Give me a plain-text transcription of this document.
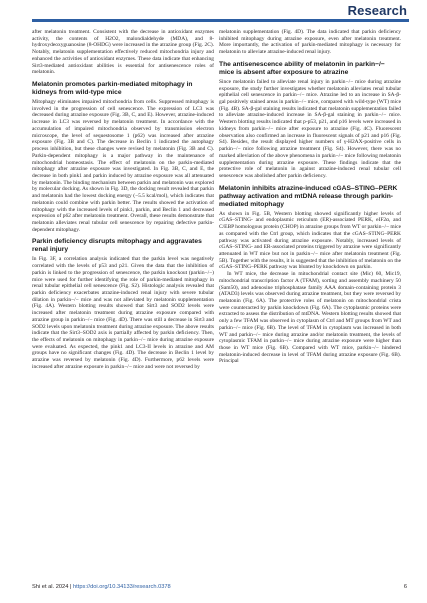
Research

after melatonin treatment. Consistent with the decrease in antioxidant enzymes activity, the contents of H2O2, malondialdehyde (MDA), and 8-hydroxydeoxyguanosine (8-OHDG) were increased in the atrazine group (Fig. 2C). Notably, melatonin supplementation effectively reduced mitochondria injury and enhanced the activities of antioxidant enzymes. These data indicate that enhancing Sirt3-mediated antioxidant abilities is essential for antisenescence roles of melatonin.

Melatonin promotes parkin-mediated mitophagy in kidneys from wild-type mice

Mitophagy eliminates impaired mitochondria from cells. Suppressed mitophagy is involved in the progression of cell senescence. The expression of LC3 was decreased during atrazine exposure (Fig. 3B, C, and E). However, atrazine-induced increase in LC3 was reversed by melatonin treatment. In accordance with the accumulation of impaired mitochondria observed by transmission electron microscope, the level of sequestosome 1 (p62) was increased after atrazine exposure (Fig. 3B and C). The decrease in Beclin 1 indicated the autophagy process inhibition, but these changes were revised by melatonin (Fig. 3B and C). Parkin-dependent mitophagy is a major pathway in the maintenance of mitochondrial homeostasis. The effect of melatonin on the parkin-mediated mitophagy after atrazine exposure was investigated. In Fig. 3B, C, and E, the decrease in both pink1 and parkin induced by atrazine exposure was all attenuated by melatonin. The binding mechanism between parkin and melatonin was explored by molecular docking. As shown in Fig. 3D, the docking result revealed that parkin and melatonin had the lowest docking energy (−5.5 kcal/mol), which indicates that melatonin could combine with parkin better. The results showed the activation of mitophagy with the increased levels of pink1, parkin, and Beclin 1 and decreased expression of p62 after melatonin treatment. Overall, these results demonstrate that melatonin alleviates renal tubular cell senescence by repairing defective parkin-dependent mitophagy.

Parkin deficiency disrupts mitophagy and aggravates renal injury

In Fig. 3F, a correlation analysis indicated that the parkin level was negatively correlated with the levels of p53 and p21. Given the data that the inhibition of parkin is linked to the progression of senescence, the parkin knockout (parkin−/−) mice were used for further identifying the role of parkin-mediated mitophagy in renal tubular epithelial cell senescence (Fig. S2). Histologic analysis revealed that parkin deficiency exacerbates atrazine-induced renal injury with severe tubular dilation in parkin−/− mice and was not alleviated by melatonin supplementation (Fig. 4A). Western blotting results showed that Sirt3 and SOD2 levels were increased after melatonin treatment during atrazine exposure compared with atrazine group in parkin−/− mice (Fig. 4D). There was still a decrease in Sirt3 and SOD2 levels upon melatonin treatment during atrazine exposure. The above results indicate that the Sirt3–SOD2 axis is partially affected by parkin deficiency. Then, the effects of melatonin on mitophagy in parkin−/− mice during atrazine exposure were evaluated. As expected, the pink1 and LC3-II levels in atrazine and AM groups have no significant changes (Fig. 4D). The decrease in Beclin 1 level by atrazine was reversed by melatonin (Fig. 4D). Furthermore, p62 levels were increased after atrazine exposure in parkin−/− mice and were not reversed by

melatonin supplementation (Fig. 4D). The data indicated that parkin deficiency inhibited mitophagy during atrazine exposure, even after melatonin treatment. More importantly, the activation of parkin-mediated mitophagy is necessary for melatonin to alleviate atrazine-induced renal injury.

The antisenescence ability of melatonin in parkin−/− mice is absent after exposure to atrazine

Since melatonin failed to alleviate renal injury in parkin−/− mice during atrazine exposure, the study further investigates whether melatonin alleviates renal tubular epithelial cell senescence in parkin−/− mice. Atrazine led to an increase in SA-β-gal positively stained areas in parkin−/− mice, compared with wild-type (WT) mice (Fig. 4B). SA-β-gal staining results indicated that melatonin supplementation failed to alleviate atrazine-induced increase in SA-β-gal staining in parkin−/− mice. Western blotting results indicated that p-p53, p21, and p16 levels were increased in kidneys from parkin−/− mice after exposure to atrazine (Fig. 4C). Fluorescent observation also confirmed an increase in fluorescent signals of p21 and p16 (Fig. S4). Besides, the result displayed higher numbers of γ-H2AX-positive cells in parkin−/− mice following atrazine treatment (Fig. S4). However, there was no marked alleviation of the above phenomena in parkin−/− mice following melatonin supplementation during atrazine exposure. These findings indicate that the protective role of melatonin in against atrazine-induced renal tubular cell senescence was abolished after parkin deficiency.

Melatonin inhibits atrazine-induced cGAS–STING–PERK pathway activation and mtDNA release through parkin-mediated mitophagy

As shown in Fig. 5B, Western blotting showed significantly higher levels of cGAS–STING- and endoplasmic reticulum (ER)-associated PERK, eIF2α, and C/EBP homologous protein (CHOP) in atrazine groups from WT or parkin−/− mice as compared with the Ctrl group, which indicates that the cGAS–STING–PERK pathway was activated during atrazine exposure. Notably, increased levels of cGAS–STING- and ER-associated proteins triggered by atrazine were significantly attenuated in WT mice but not in parkin−/− mice after melatonin treatment (Fig. 5B). Together with the results, it is suggested that the inhibition of melatonin on the cGAS–STING–PERK pathway was blunted by knockdown on parkin.

In WT mice, the decrease in mitochondrial contact site (Mic) 60, Mic19, mitochondrial transcription factor A (TFAM), sorting and assembly machinery 50 (Sam50), and adenosine triphosphatase family AAA domain-containing protein 3 (ATAD3) levels was observed during atrazine treatment, but they were reversed by melatonin (Fig. 6A). The protective roles of melatonin on mitochondrial crista were counteracted by parkin knockdown (Fig. 6A). The cytoplasmic proteins were extracted to assess the distribution of mtDNA. Western blotting results showed that only a few TFAM was observed in cytoplasm of Ctrl and MT groups from WT and parkin−/− mice (Fig. 6B). The level of TFAM in cytoplasm was increased in both WT and parkin−/− mice during atrazine and/or melatonin treatment, the levels of cytoplasmic TFAM in parkin−/− mice during atrazine exposure were higher than those in WT mice (Fig. 6B). Compared with WT mice, parkin−/− hindered melatonin-induced decrease in level of TFAM during atrazine exposure (Fig. 6B). Principal

Shi et al. 2024 | https://doi.org/10.34133/research.0378	6
